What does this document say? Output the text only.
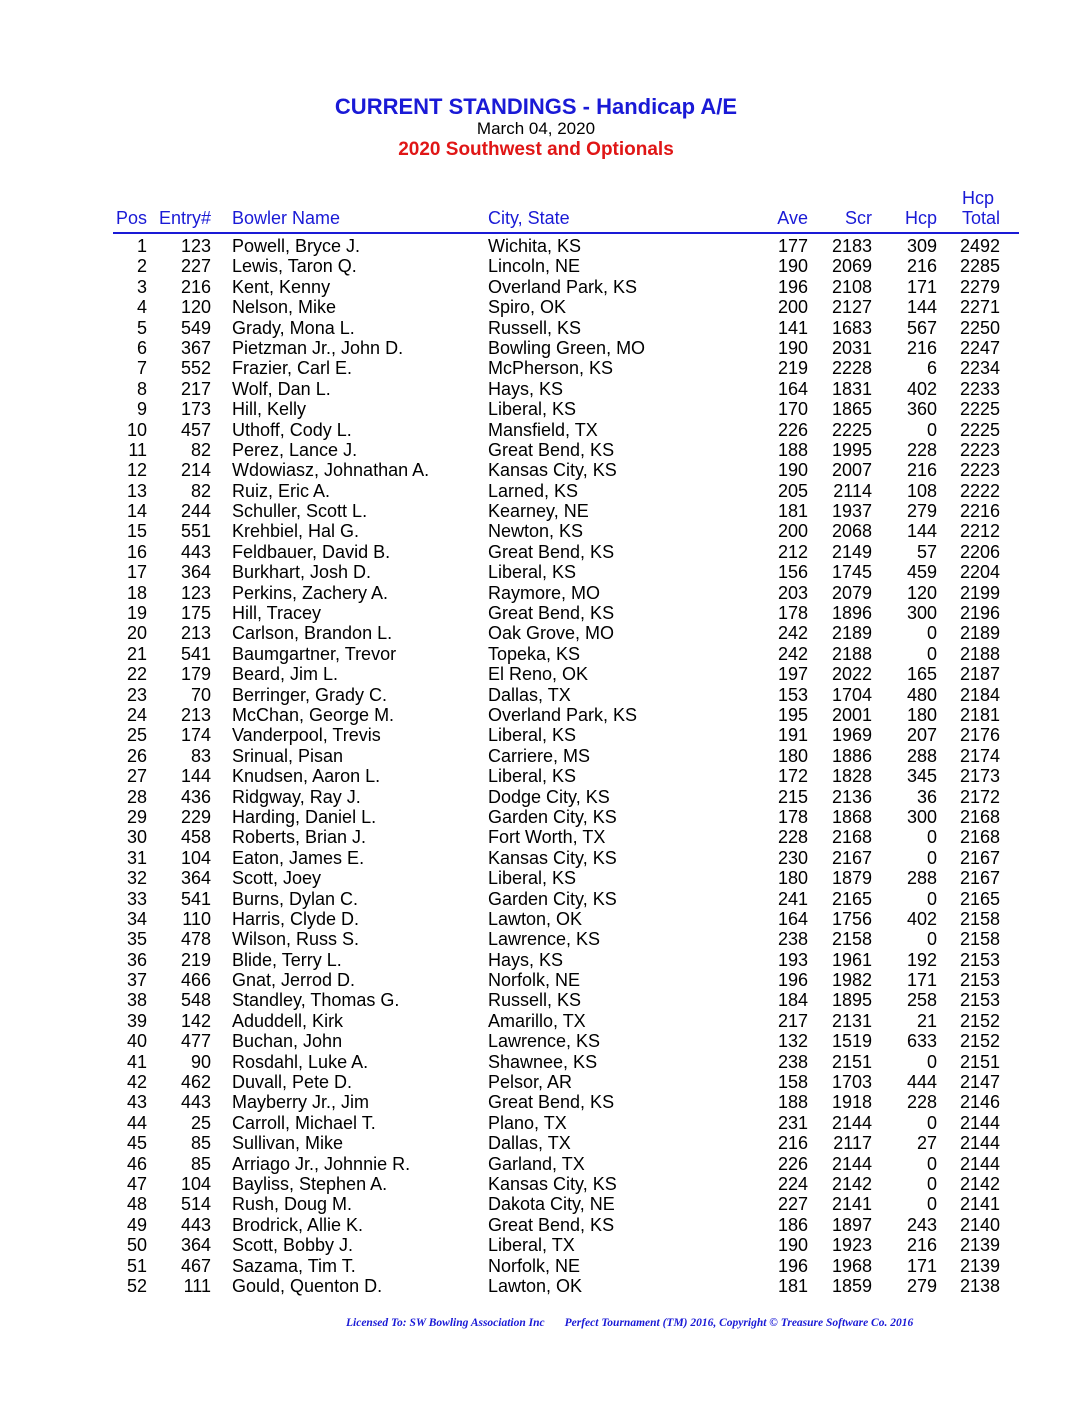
CURRENT STANDINGS - Handicap A/E
March 04, 2020
2020 Southwest and Optionals
Pos Entry# Bowler Name	City, State	Ave Scr Hcp
Hcp
Total
1 123 Powell, Bryce J.	Wichita, KS	177 2183 309 2492
2 227 Lewis, Taron Q.	Lincoln, NE	190 2069 216 2285
3 216 Kent, Kenny	Overland Park, KS	196 2108 171 2279
4 120 Nelson, Mike	Spiro, OK	200 2127 144 2271
5 549 Grady, Mona L.	Russell, KS	141 1683 567 2250
6 367 Pietzman Jr., John D.	Bowling Green, MO	190 2031 216 2247
7 552 Frazier, Carl E.	McPherson, KS	219 2228	6 2234
8 217 Wolf, Dan L.	Hays, KS	164 1831 402 2233
9 173 Hill, Kelly	Liberal, KS	170 1865 360 2225
10 457 Uthoff, Cody L.	Mansfield, TX	226 2225	0 2225
11 82 Perez, Lance J.	Great Bend, KS	188 1995 228 2223
12 214 Wdowiasz, Johnathan A.	Kansas City, KS	190 2007 216 2223
13 82 Ruiz, Eric A.	Larned, KS	205 2114 108 2222
14 244 Schuller, Scott L.	Kearney, NE	181 1937 279 2216
15 551 Krehbiel, Hal G.	Newton, KS	200 2068 144 2212
16 443 Feldbauer, David B.	Great Bend, KS	212 2149 57 2206
17 364 Burkhart, Josh D.	Liberal, KS	156 1745 459 2204
18 123 Perkins, Zachery A.	Raymore, MO	203 2079 120 2199
19 175 Hill, Tracey	Great Bend, KS	178 1896 300 2196
20 213 Carlson, Brandon L.	Oak Grove, MO	242 2189	0 2189
21 541 Baumgartner, Trevor	Topeka, KS	242 2188	0 2188
22 179 Beard, Jim L.	El Reno, OK	197 2022 165 2187
23 70 Berringer, Grady C.	Dallas, TX	153 1704 480 2184
24 213 McChan, George M.	Overland Park, KS	195 2001 180 2181
25 174 Vanderpool, Trevis	Liberal, KS	191 1969 207 2176
26 83 Srinual, Pisan	Carriere, MS	180 1886 288 2174
27 144 Knudsen, Aaron L.	Liberal, KS	172 1828 345 2173
28 436 Ridgway, Ray J.	Dodge City, KS	215 2136 36 2172
29 229 Harding, Daniel L.	Garden City, KS	178 1868 300 2168
30 458 Roberts, Brian J.	Fort Worth, TX	228 2168	0 2168
31 104 Eaton, James E.	Kansas City, KS	230 2167	0 2167
32 364 Scott, Joey	Liberal, KS	180 1879 288 2167
33 541 Burns, Dylan C.	Garden City, KS	241 2165	0 2165
34 110 Harris, Clyde D.	Lawton, OK	164 1756 402 2158
35 478 Wilson, Russ S.	Lawrence, KS	238 2158	0 2158
36 219 Blide, Terry L.	Hays, KS	193 1961 192 2153
37 466 Gnat, Jerrod D.	Norfolk, NE	196 1982 171 2153
38 548 Standley, Thomas G.	Russell, KS	184 1895 258 2153
39 142 Aduddell, Kirk	Amarillo, TX	217 2131 21 2152
40 477 Buchan, John	Lawrence, KS	132 1519 633 2152
41 90 Rosdahl, Luke A.	Shawnee, KS	238 2151	0 2151
42 462 Duvall, Pete D.	Pelsor, AR	158 1703 444 2147
43 443 Mayberry Jr., Jim	Great Bend, KS	188 1918 228 2146
44 25 Carroll, Michael T.	Plano, TX	231 2144	0 2144
45 85 Sullivan, Mike	Dallas, TX	216 2117 27 2144
46 85 Arriago Jr., Johnnie R.	Garland, TX	226 2144	0 2144
47 104 Bayliss, Stephen A.	Kansas City, KS	224 2142	0 2142
48 514 Rush, Doug M.	Dakota City, NE	227 2141	0 2141
49 443 Brodrick, Allie K.	Great Bend, KS	186 1897 243 2140
50 364 Scott, Bobby J.	Liberal, TX	190 1923 216 2139
51 467 Sazama, Tim T.	Norfolk, NE	196 1968 171 2139
52 111 Gould, Quenton D.	Lawton, OK	181 1859 279 2138
Licensed To: SW Bowling Association Inc Perfect Tournament (TM) 2016, Copyright © Treasure Software Co. 2016
